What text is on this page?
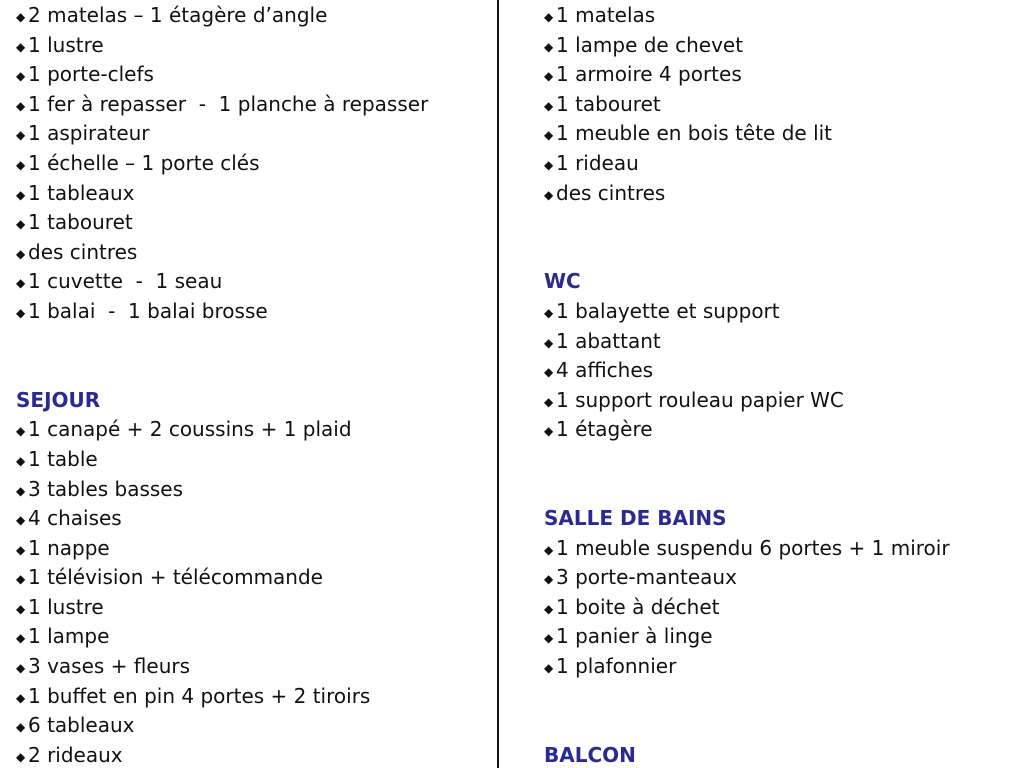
◆ 2 matelas – 1 étagère d’angle
◆ 1 lustre
◆ 1 porte-clefs
◆ 1 fer à repasser  -  1 planche à repasser
◆ 1 aspirateur
◆ 1 échelle – 1 porte clés
◆ 1 tableaux
◆ 1 tabouret
◆ des cintres
◆ 1 cuvette  -  1 seau
◆ 1 balai  -  1 balai brosse
SEJOUR
◆ 1 canapé + 2 coussins + 1 plaid
◆ 1 table
◆ 3 tables basses
◆ 4 chaises
◆ 1 nappe
◆ 1 télévision + télécommande
◆ 1 lustre
◆ 1 lampe
◆ 3 vases + fleurs
◆ 1 buffet en pin 4 portes + 2 tiroirs
◆ 6 tableaux
◆ 2 rideaux
◆ 1 matelas
◆ 1 lampe de chevet
◆ 1 armoire 4 portes
◆ 1 tabouret
◆ 1 meuble en bois tête de lit
◆ 1 rideau
◆ des cintres
WC
◆ 1 balayette et support
◆ 1 abattant
◆ 4 affiches
◆ 1 support rouleau papier WC
◆ 1 étagère
SALLE DE BAINS
◆ 1 meuble suspendu 6 portes + 1 miroir
◆ 3 porte-manteaux
◆ 1 boite à déchet
◆ 1 panier à linge
◆ 1 plafonnier
BALCON
